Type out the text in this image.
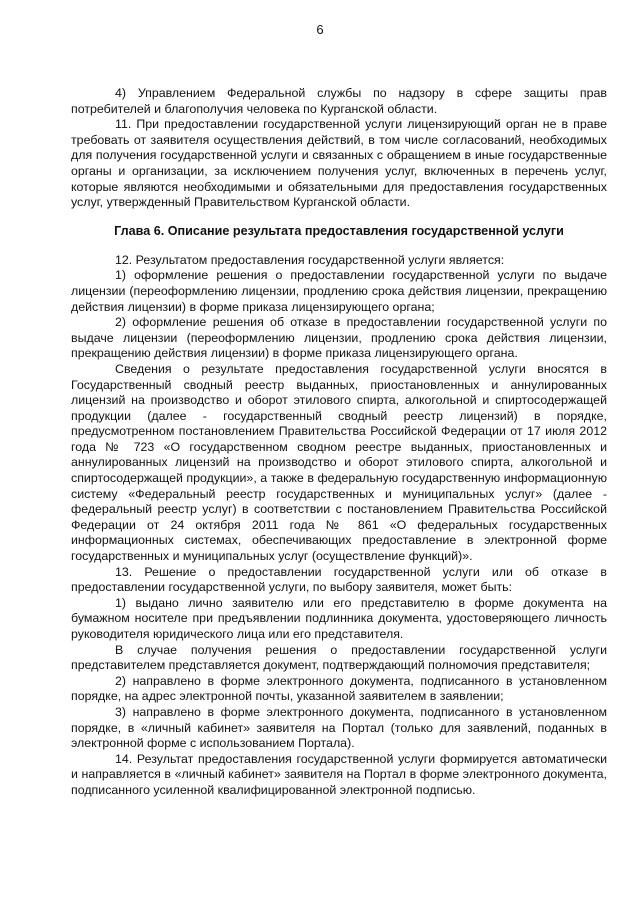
6

4) Управлением Федеральной службы по надзору в сфере защиты прав потребителей и благополучия человека по Курганской области.

11. При предоставлении государственной услуги лицензирующий орган не в праве требовать от заявителя осуществления действий, в том числе согласований, необходимых для получения государственной услуги и связанных с обращением в иные государственные органы и организации, за исключением получения услуг, включенных в перечень услуг, которые являются необходимыми и обязательными для предоставления государственных услуг, утвержденный Правительством Курганской области.

Глава 6. Описание результата предоставления государственной услуги

12. Результатом предоставления государственной услуги является:

1) оформление решения о предоставлении государственной услуги по выдаче лицензии (переоформлению лицензии, продлению срока действия лицензии, прекращению действия лицензии) в форме приказа лицензирующего органа;

2) оформление решения об отказе в предоставлении государственной услуги по выдаче лицензии (переоформлению лицензии, продлению срока действия лицензии, прекращению действия лицензии) в форме приказа лицензирующего органа.

Сведения о результате предоставления государственной услуги вносятся в Государственный сводный реестр выданных, приостановленных и аннулированных лицензий на производство и оборот этилового спирта, алкогольной и спиртосодержащей продукции (далее - государственный сводный реестр лицензий) в порядке, предусмотренном постановлением Правительства Российской Федерации от 17 июля 2012 года № 723 «О государственном сводном реестре выданных, приостановленных и аннулированных лицензий на производство и оборот этилового спирта, алкогольной и спиртосодержащей продукции», а также в федеральную государственную информационную систему «Федеральный реестр государственных и муниципальных услуг» (далее - федеральный реестр услуг) в соответствии с постановлением Правительства Российской Федерации от 24 октября 2011 года № 861 «О федеральных государственных информационных системах, обеспечивающих предоставление в электронной форме государственных и муниципальных услуг (осуществление функций)».

13. Решение о предоставлении государственной услуги или об отказе в предоставлении государственной услуги, по выбору заявителя, может быть:

1) выдано лично заявителю или его представителю в форме документа на бумажном носителе при предъявлении подлинника документа, удостоверяющего личность руководителя юридического лица или его представителя.

В случае получения решения о предоставлении государственной услуги представителем представляется документ, подтверждающий полномочия представителя;

2) направлено в форме электронного документа, подписанного в установленном порядке, на адрес электронной почты, указанной заявителем в заявлении;

3) направлено в форме электронного документа, подписанного в установленном порядке, в «личный кабинет» заявителя на Портал (только для заявлений, поданных в электронной форме с использованием Портала).

14. Результат предоставления государственной услуги формируется автоматически и направляется в «личный кабинет» заявителя на Портал в форме электронного документа, подписанного усиленной квалифицированной электронной подписью.
